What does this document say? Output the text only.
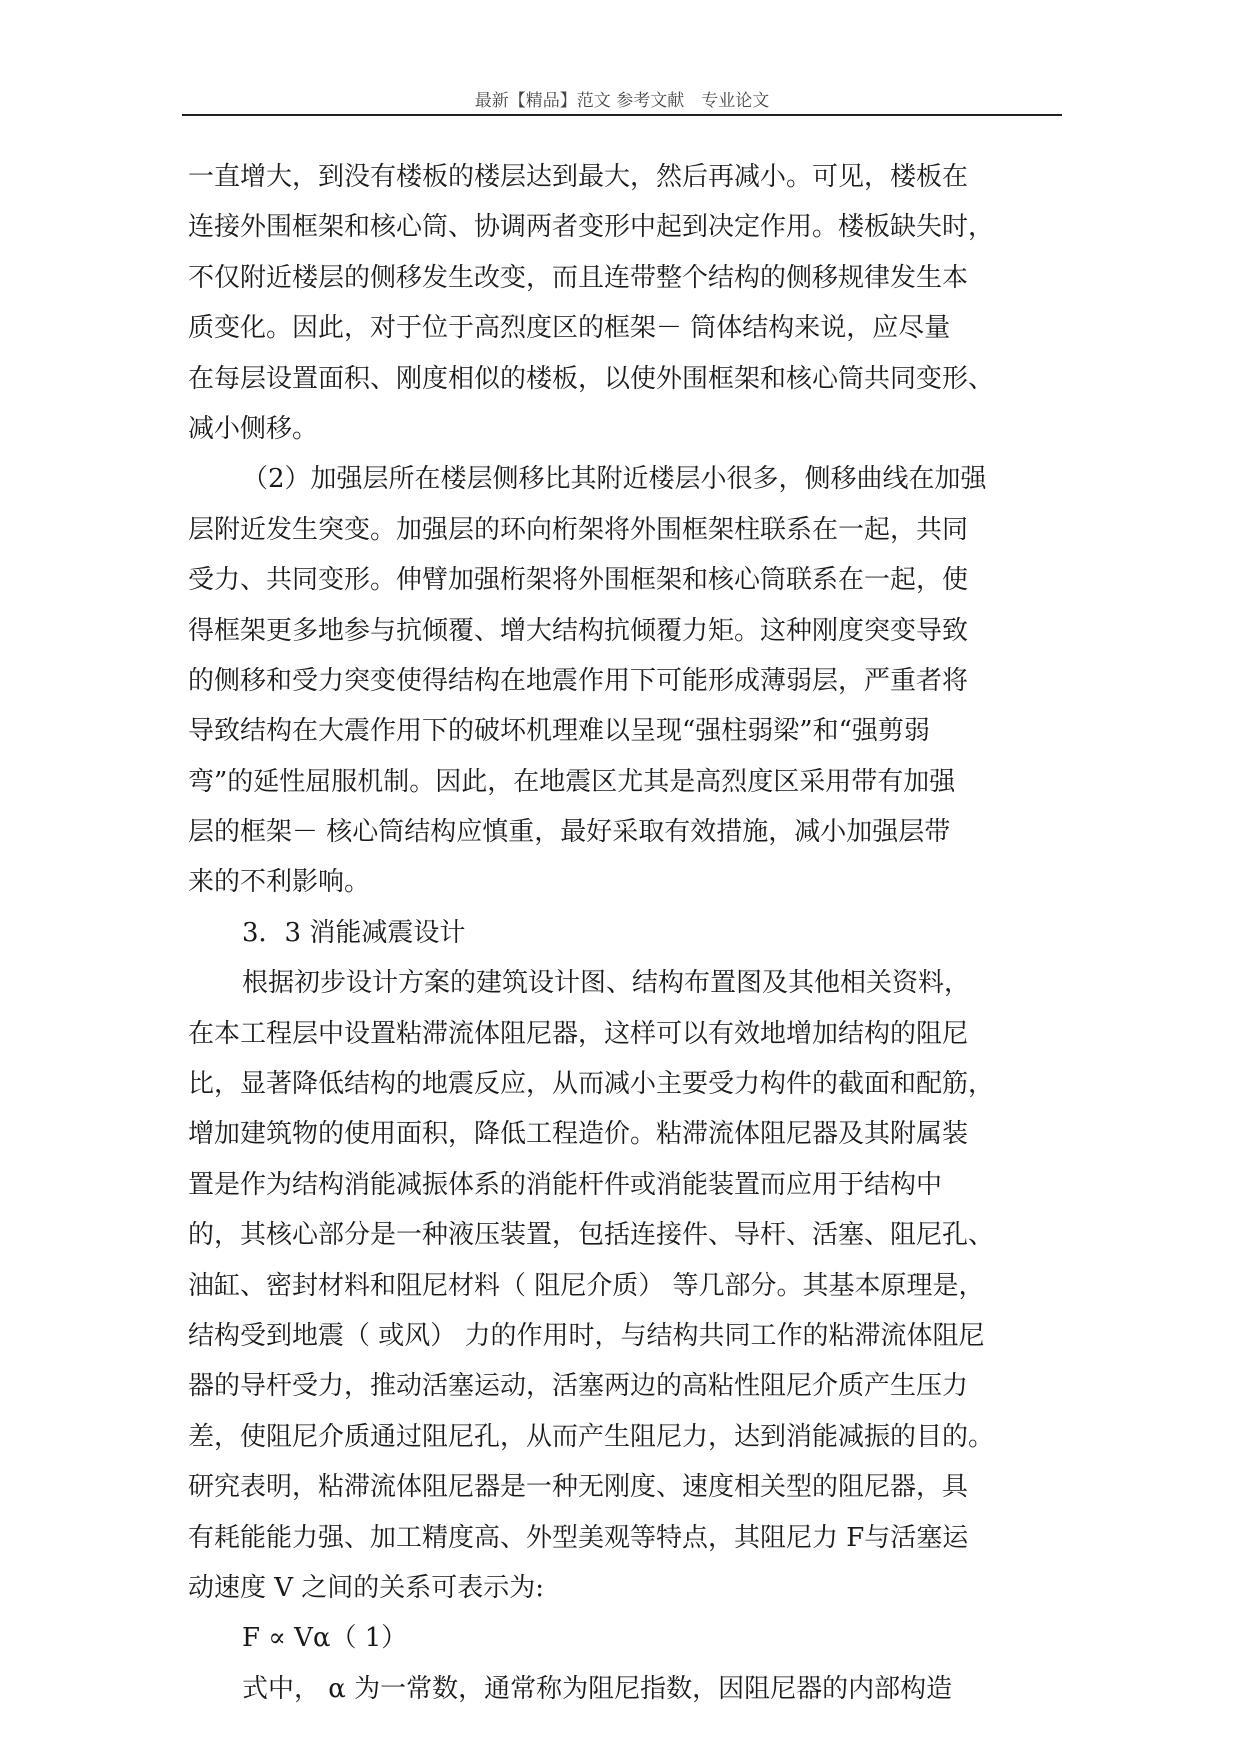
最新【精品】范文 参考文献　专业论文
一直增大，到没有楼板的楼层达到最大，然后再减小。可见，楼板在
连接外围框架和核心筒、协调两者变形中起到决定作用。楼板缺失时，
不仅附近楼层的侧移发生改变，而且连带整个结构的侧移规律发生本
质变化。因此，对于位于高烈度区的框架－ 筒体结构来说，应尽量
在每层设置面积、刚度相似的楼板，以使外围框架和核心筒共同变形、
减小侧移。
（2）加强层所在楼层侧移比其附近楼层小很多，侧移曲线在加强
层附近发生突变。加强层的环向桁架将外围框架柱联系在一起，共同
受力、共同变形。伸臂加强桁架将外围框架和核心筒联系在一起，使
得框架更多地参与抗倾覆、增大结构抗倾覆力矩。这种刚度突变导致
的侧移和受力突变使得结构在地震作用下可能形成薄弱层，严重者将
导致结构在大震作用下的破坏机理难以呈现“强柱弱梁”和“强剪弱
弯”的延性屈服机制。因此，在地震区尤其是高烈度区采用带有加强
层的框架－ 核心筒结构应慎重，最好采取有效措施，减小加强层带
来的不利影响。
3．3 消能减震设计
根据初步设计方案的建筑设计图、结构布置图及其他相关资料，
在本工程层中设置粘滞流体阻尼器，这样可以有效地增加结构的阻尼
比，显著降低结构的地震反应，从而减小主要受力构件的截面和配筋，
增加建筑物的使用面积，降低工程造价。粘滞流体阻尼器及其附属装
置是作为结构消能减振体系的消能杆件或消能装置而应用于结构中
的，其核心部分是一种液压装置，包括连接件、导杆、活塞、阻尼孔、
油缸、密封材料和阻尼材料（ 阻尼介质） 等几部分。其基本原理是，
结构受到地震（ 或风） 力的作用时，与结构共同工作的粘滞流体阻尼
器的导杆受力，推动活塞运动，活塞两边的高粘性阻尼介质产生压力
差，使阻尼介质通过阻尼孔，从而产生阻尼力，达到消能减振的目的。
研究表明，粘滞流体阻尼器是一种无刚度、速度相关型的阻尼器，具
有耗能能力强、加工精度高、外型美观等特点，其阻尼力 F与活塞运
动速度 V 之间的关系可表示为:
F ∝ Vα（ 1）
式中， α 为一常数，通常称为阻尼指数，因阻尼器的内部构造
